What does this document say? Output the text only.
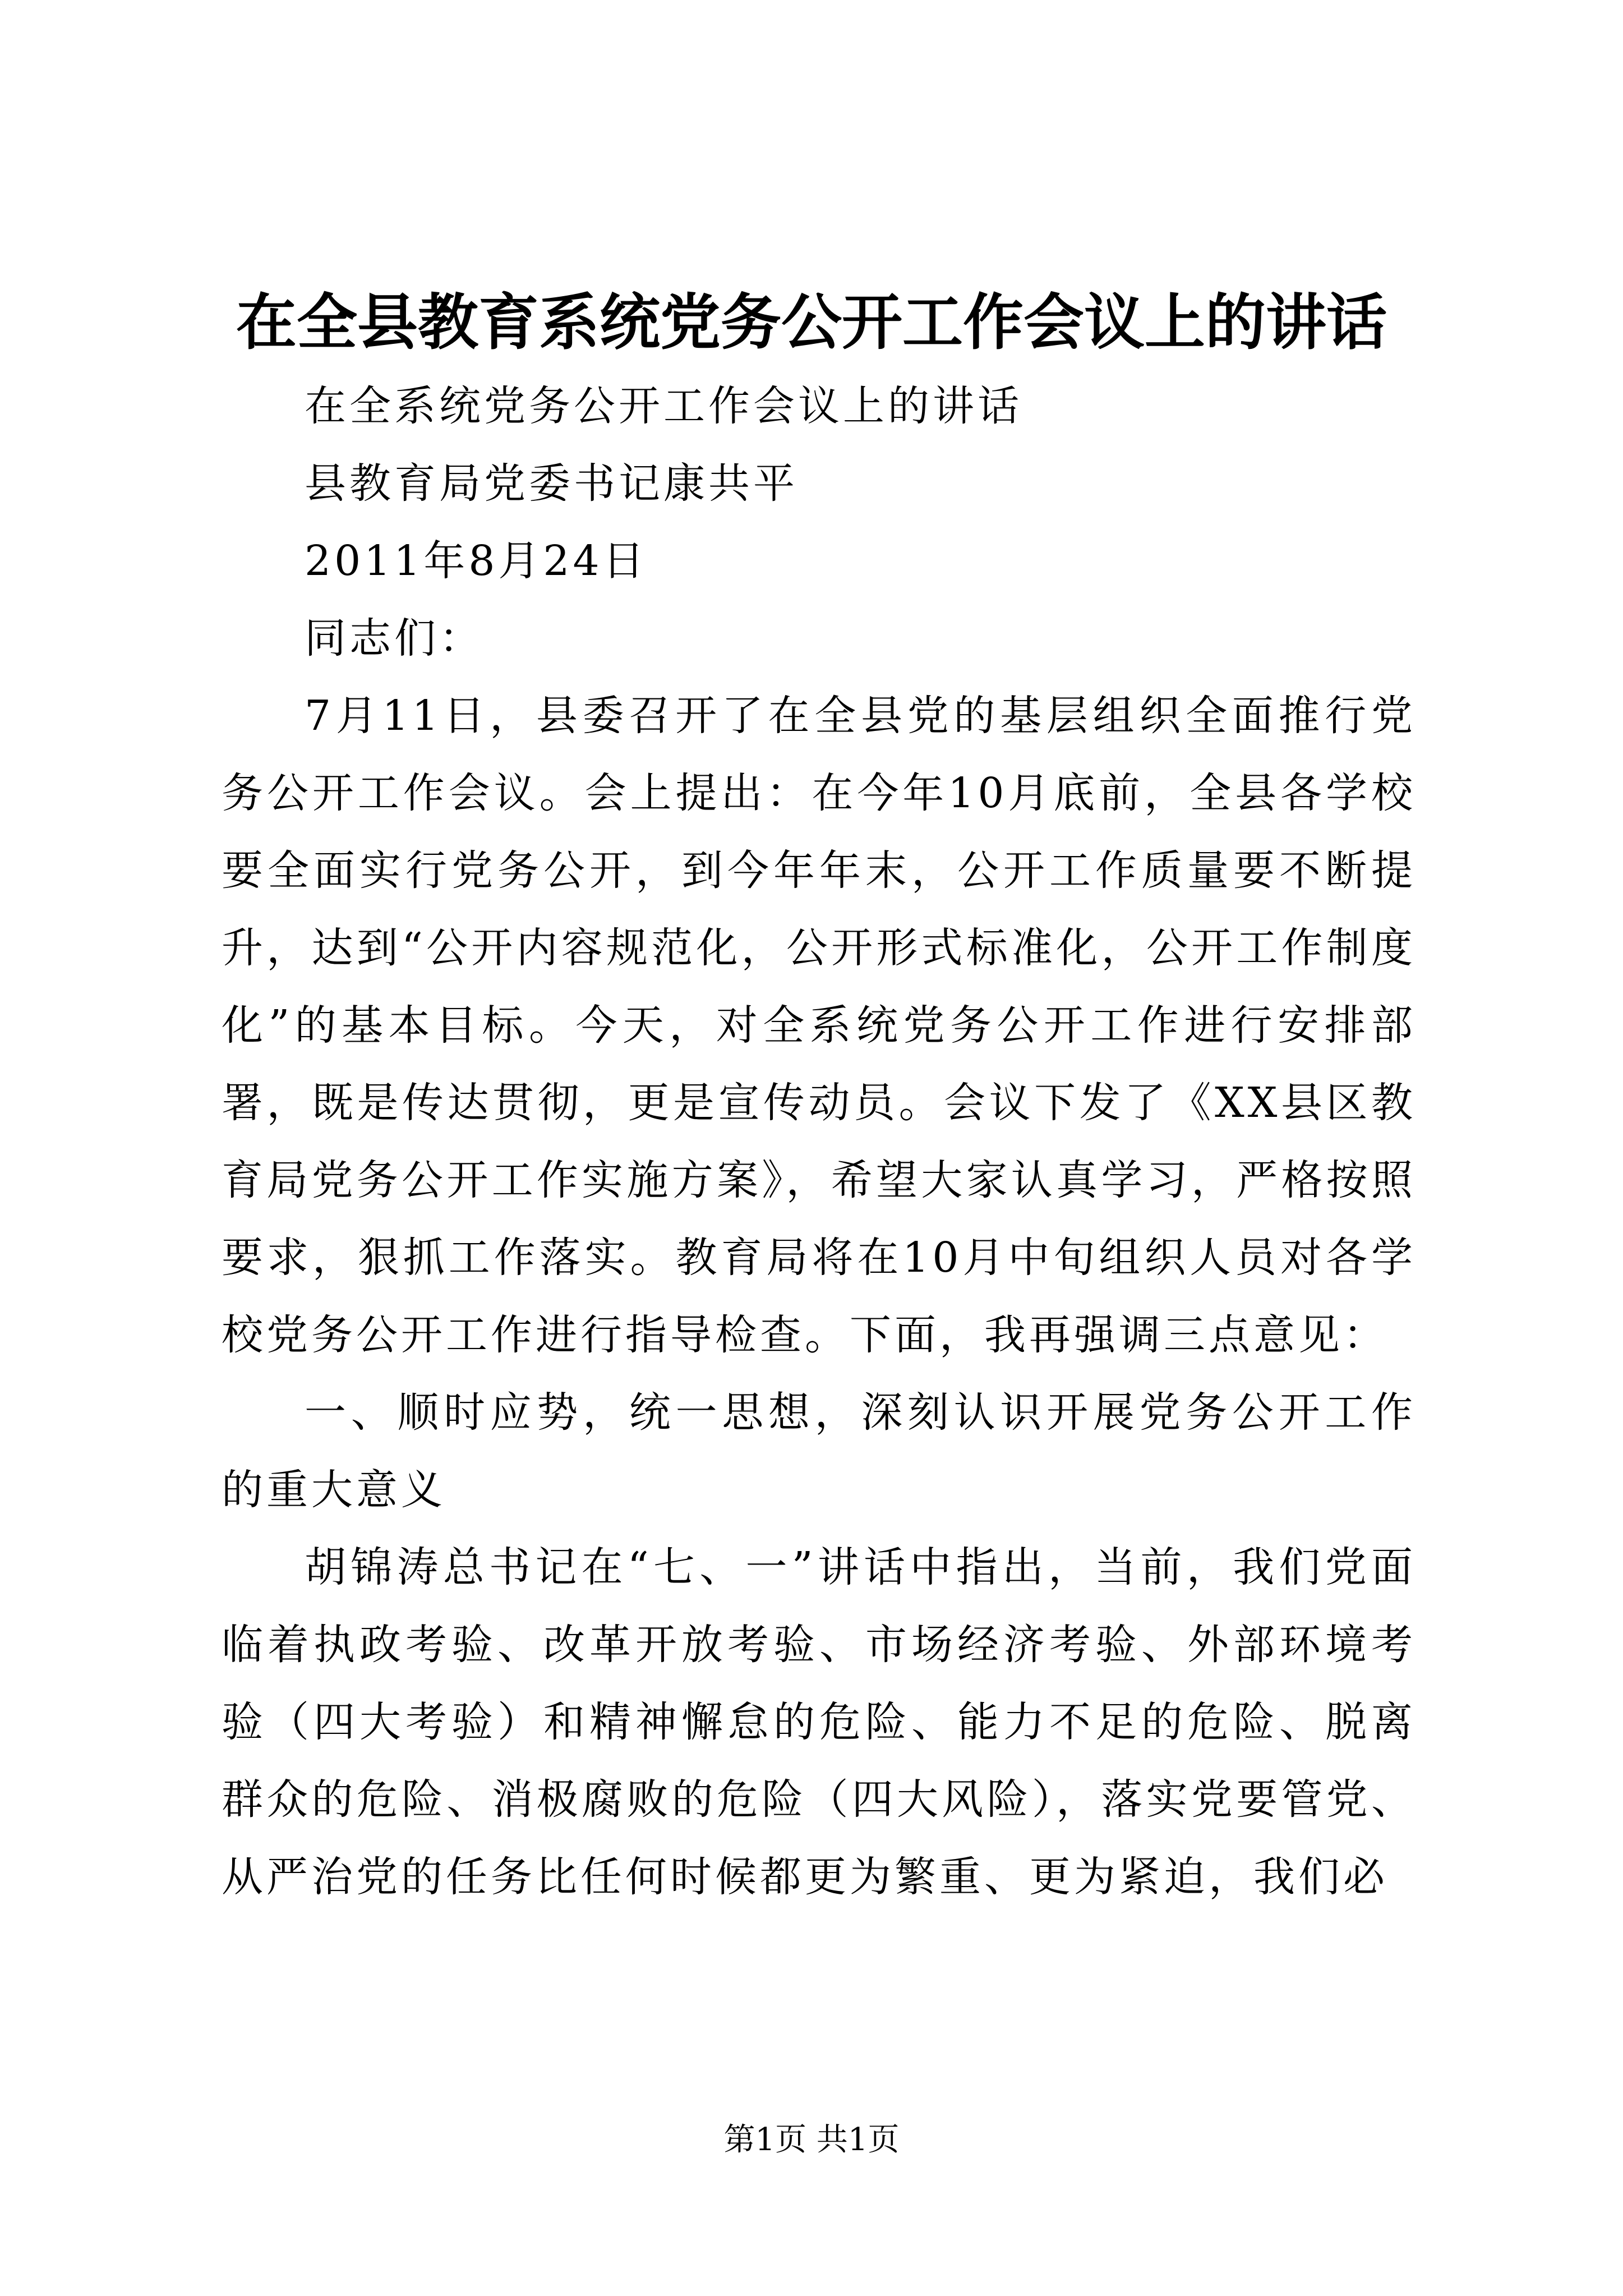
在全县教育系统党务公开工作会议上的讲话

在全系统党务公开工作会议上的讲话

县教育局党委书记康共平

2011年8月24日

同志们：

7月11日，县委召开了在全县党的基层组织全面推行党务公开工作会议。会上提出：在今年10月底前，全县各学校要全面实行党务公开，到今年年末，公开工作质量要不断提升，达到“公开内容规范化，公开形式标准化，公开工作制度化”的基本目标。今天，对全系统党务公开工作进行安排部署，既是传达贯彻，更是宣传动员。会议下发了《XX县区教育局党务公开工作实施方案》，希望大家认真学习，严格按照要求，狠抓工作落实。教育局将在10月中旬组织人员对各学校党务公开工作进行指导检查。下面，我再强调三点意见：

一、顺时应势，统一思想，深刻认识开展党务公开工作的重大意义

胡锦涛总书记在“七、一”讲话中指出，当前，我们党面临着执政考验、改革开放考验、市场经济考验、外部环境考验（四大考验）和精神懈怠的危险、能力不足的危险、脱离群众的危险、消极腐败的危险（四大风险），落实党要管党、从严治党的任务比任何时候都更为繁重、更为紧迫，我们必

第1页 共1页
